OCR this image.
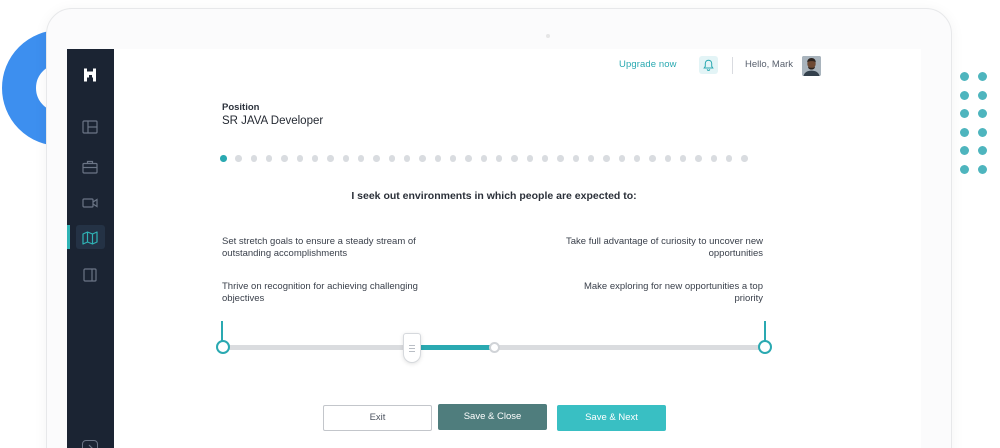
Upgrade now	Hello, Mark
Position
SR JAVA Developer
I seek out environments in which people are expected to:
Set stretch goals to ensure a steady stream of outstanding accomplishments
Thrive on recognition for achieving challenging objectives
Take full advantage of curiosity to uncover new opportunities
Make exploring for new opportunities a top priority
Exit	Save & Close	Save & Next
